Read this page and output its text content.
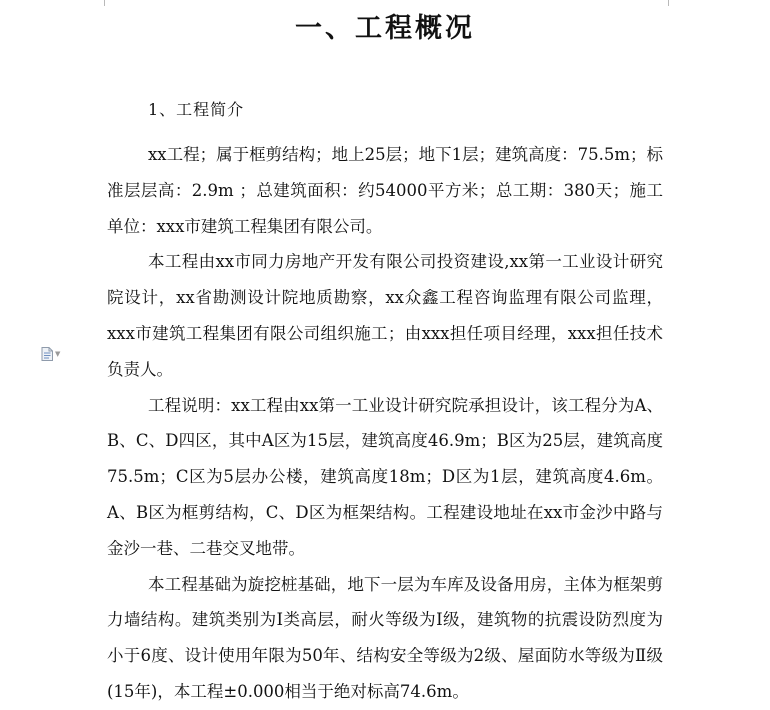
一、工程概况
1、工程简介

xx工程；属于框剪结构；地上25层；地下1层；建筑高度：75.5m；标准层层高：2.9m ；总建筑面积：约54000平方米；总工期：380天；施工单位：xxx市建筑工程集团有限公司。

本工程由xx市同力房地产开发有限公司投资建设,xx第一工业设计研究院设计，xx省勘测设计院地质勘察，xx众鑫工程咨询监理有限公司监理，xxx市建筑工程集团有限公司组织施工；由xxx担任项目经理，xxx担任技术负责人。

工程说明：xx工程由xx第一工业设计研究院承担设计，该工程分为A、B、C、D四区，其中A区为15层，建筑高度46.9m；B区为25层，建筑高度75.5m；C区为5层办公楼，建筑高度18m；D区为1层，建筑高度4.6m。A、B区为框剪结构，C、D区为框架结构。工程建设地址在xx市金沙中路与金沙一巷、二巷交叉地带。

本工程基础为旋挖桩基础，地下一层为车库及设备用房，主体为框架剪力墙结构。建筑类别为Ⅰ类高层，耐火等级为Ⅰ级，建筑物的抗震设防烈度为小于6度、设计使用年限为50年、结构安全等级为2级、屋面防水等级为Ⅱ级(15年)，本工程±0.000相当于绝对标高74.6m。

▼
